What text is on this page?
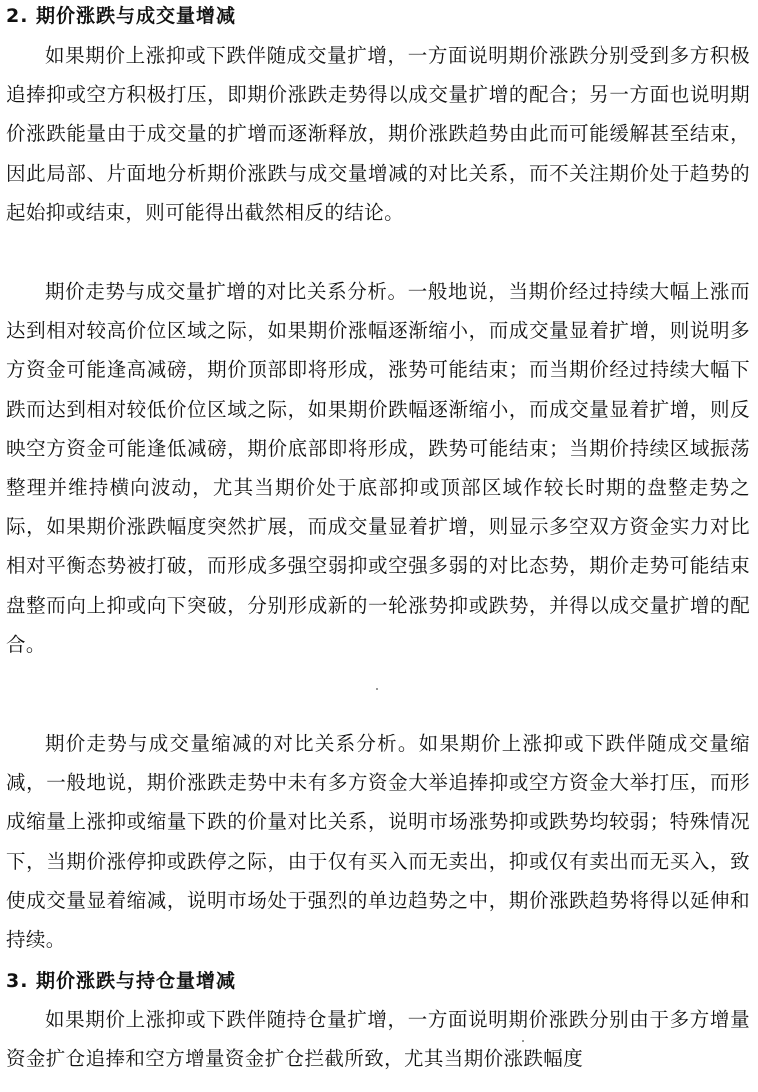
2. 期价涨跌与成交量增减

如果期价上涨抑或下跌伴随成交量扩增，一方面说明期价涨跌分别受到多方积极追捧抑或空方积极打压，即期价涨跌走势得以成交量扩增的配合；另一方面也说明期价涨跌能量由于成交量的扩增而逐渐释放，期价涨跌趋势由此而可能缓解甚至结束，因此局部、片面地分析期价涨跌与成交量增减的对比关系，而不关注期价处于趋势的起始抑或结束，则可能得出截然相反的结论。

期价走势与成交量扩增的对比关系分析。一般地说，当期价经过持续大幅上涨而达到相对较高价位区域之际，如果期价涨幅逐渐缩小，而成交量显着扩增，则说明多方资金可能逢高减磅，期价顶部即将形成，涨势可能结束；而当期价经过持续大幅下跌而达到相对较低价位区域之际，如果期价跌幅逐渐缩小，而成交量显着扩增，则反映空方资金可能逢低减磅，期价底部即将形成，跌势可能结束；当期价持续区域振荡整理并维持横向波动，尤其当期价处于底部抑或顶部区域作较长时期的盘整走势之际，如果期价涨跌幅度突然扩展，而成交量显着扩增，则显示多空双方资金实力对比相对平衡态势被打破，而形成多强空弱抑或空强多弱的对比态势，期价走势可能结束盘整而向上抑或向下突破，分别形成新的一轮涨势抑或跌势，并得以成交量扩增的配合。

期价走势与成交量缩减的对比关系分析。如果期价上涨抑或下跌伴随成交量缩减，一般地说，期价涨跌走势中未有多方资金大举追捧抑或空方资金大举打压，而形成缩量上涨抑或缩量下跌的价量对比关系，说明市场涨势抑或跌势均较弱；特殊情况下，当期价涨停抑或跌停之际，由于仅有买入而无卖出，抑或仅有卖出而无买入，致使成交量显着缩减，说明市场处于强烈的单边趋势之中，期价涨跌趋势将得以延伸和持续。

3. 期价涨跌与持仓量增减

如果期价上涨抑或下跌伴随持仓量扩增，一方面说明期价涨跌分别由于多方增量资金扩仓追捧和空方增量资金扩仓拦截所致，尤其当期价涨跌幅度
